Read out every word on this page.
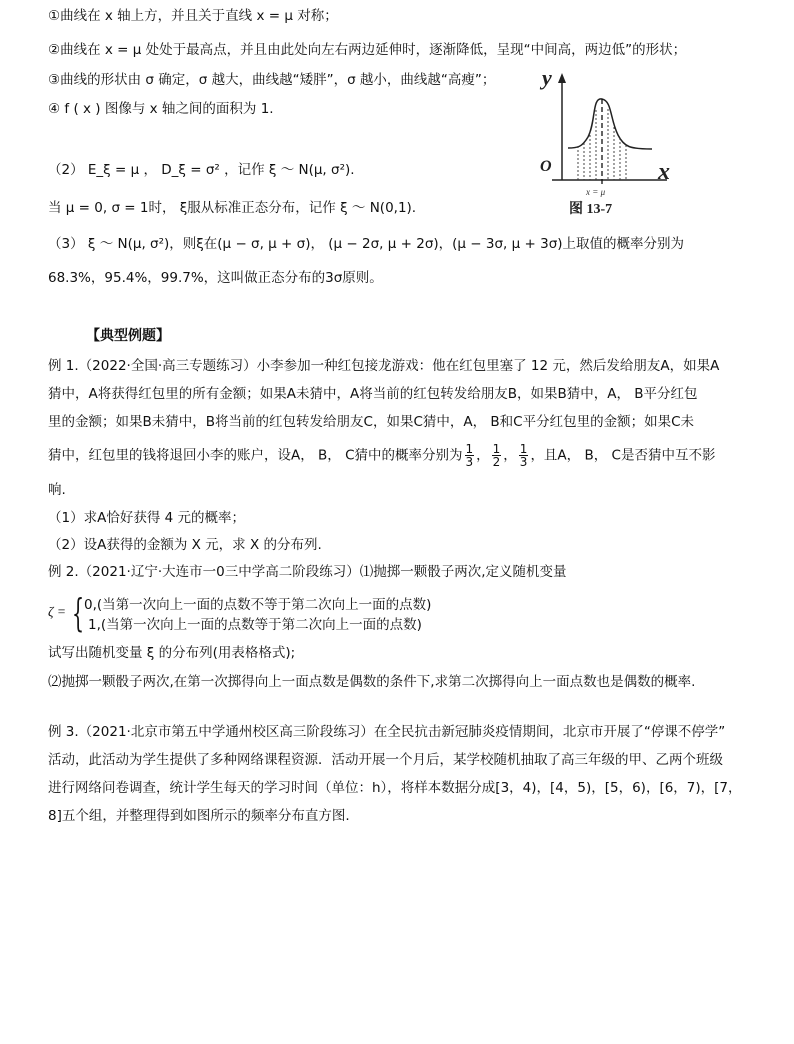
①曲线在 x 轴上方，并且关于直线 x = μ 对称；
②曲线在 x = μ 处处于最高点，并且由此处向左右两边延伸时，逐渐降低，呈现“中间高，两边低”的形状；
③曲线的形状由 σ 确定，σ 越大，曲线越“矮胖”，σ 越小，曲线越“高瘦”；
④ f ( x ) 图像与 x 轴之间的面积为 1.
（2） E_ξ = μ ， D_ξ = σ² ，记作 ξ ～ N(μ, σ²).
当 μ = 0, σ = 1时， ξ服从标准正态分布，记作 ξ ～ N(0,1).
（3） ξ ～ N(μ, σ²)，则ξ在(μ − σ, μ + σ)， (μ − 2σ, μ + 2σ)，(μ − 3σ, μ + 3σ)上取值的概率分别为
68.3%，95.4%，99.7%，这叫做正态分布的3σ原则。
y
O	x
x = μ
图 13-7
【典型例题】
例 1.（2022·全国·高三专题练习）小李参加一种红包接龙游戏：他在红包里塞了 12 元，然后发给朋友A，如果A
猜中，A将获得红包里的所有金额；如果A未猜中，A将当前的红包转发给朋友B，如果B猜中，A， B平分红包
里的金额；如果B未猜中，B将当前的红包转发给朋友C，如果C猜中，A， B和C平分红包里的金额；如果C未
猜中，红包里的钱将退回小李的账户，设A， B， C猜中的概率分别为 $\frac{1}{3}$ ， $\frac{1}{2}$ ， $\frac{1}{3}$ ，且A， B， C是否猜中互不影
响.
（1）求A恰好获得 4 元的概率；
（2）设A获得的金额为 X 元，求 X 的分布列.
例 2.（2021·辽宁·大连市一0三中学高二阶段练习）⑴抛掷一颗骰子两次,定义随机变量
ζ = { 0,(当第一次向上一面的点数不等于第二次向上一面的点数)
1,(当第一次向上一面的点数等于第二次向上一面的点数)
试写出随机变量 ξ 的分布列(用表格格式);
⑵抛掷一颗骰子两次,在第一次掷得向上一面点数是偶数的条件下,求第二次掷得向上一面点数也是偶数的概率.
例 3.（2021·北京市第五中学通州校区高三阶段练习）在全民抗击新冠肺炎疫情期间，北京市开展了“停课不停学”
活动，此活动为学生提供了多种网络课程资源．活动开展一个月后，某学校随机抽取了高三年级的甲、乙两个班级
进行网络问卷调查，统计学生每天的学习时间（单位：h），将样本数据分成[3，4)，[4，5)，[5，6)，[6，7)，[7，
8]五个组，并整理得到如图所示的频率分布直方图.
